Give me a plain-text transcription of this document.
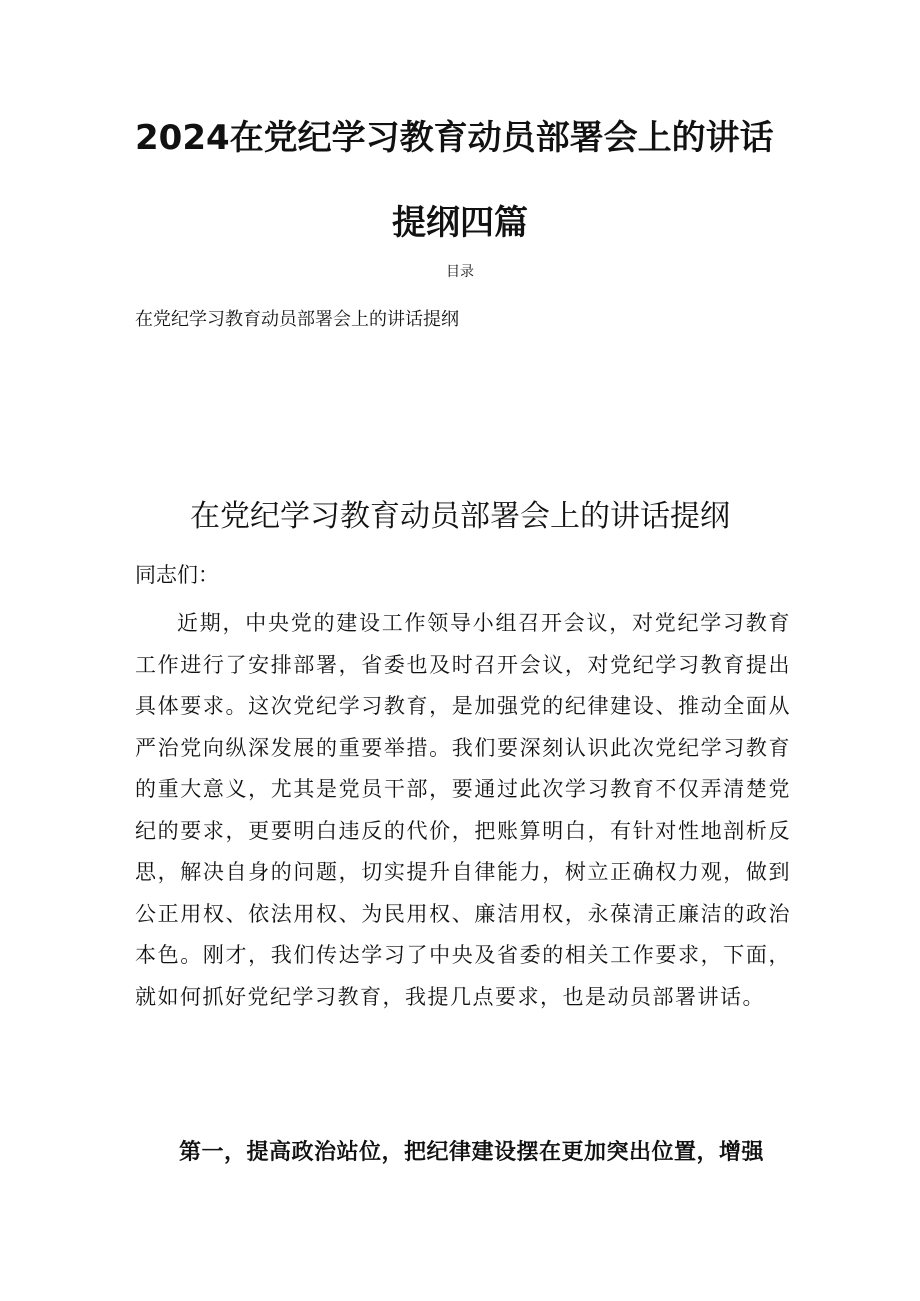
2024在党纪学习教育动员部署会上的讲话
提纲四篇
目录
在党纪学习教育动员部署会上的讲话提纲
在党纪学习教育动员部署会上的讲话提纲
同志们：

近期，中央党的建设工作领导小组召开会议，对党纪学习教育工作进行了安排部署，省委也及时召开会议，对党纪学习教育提出具体要求。这次党纪学习教育，是加强党的纪律建设、推动全面从严治党向纵深发展的重要举措。我们要深刻认识此次党纪学习教育的重大意义，尤其是党员干部，要通过此次学习教育不仅弄清楚党纪的要求，更要明白违反的代价，把账算明白，有针对性地剖析反思，解决自身的问题，切实提升自律能力，树立正确权力观，做到公正用权、依法用权、为民用权、廉洁用权，永葆清正廉洁的政治本色。刚才，我们传达学习了中央及省委的相关工作要求，下面，就如何抓好党纪学习教育，我提几点要求，也是动员部署讲话。

第一，提高政治站位，把纪律建设摆在更加突出位置，增强
